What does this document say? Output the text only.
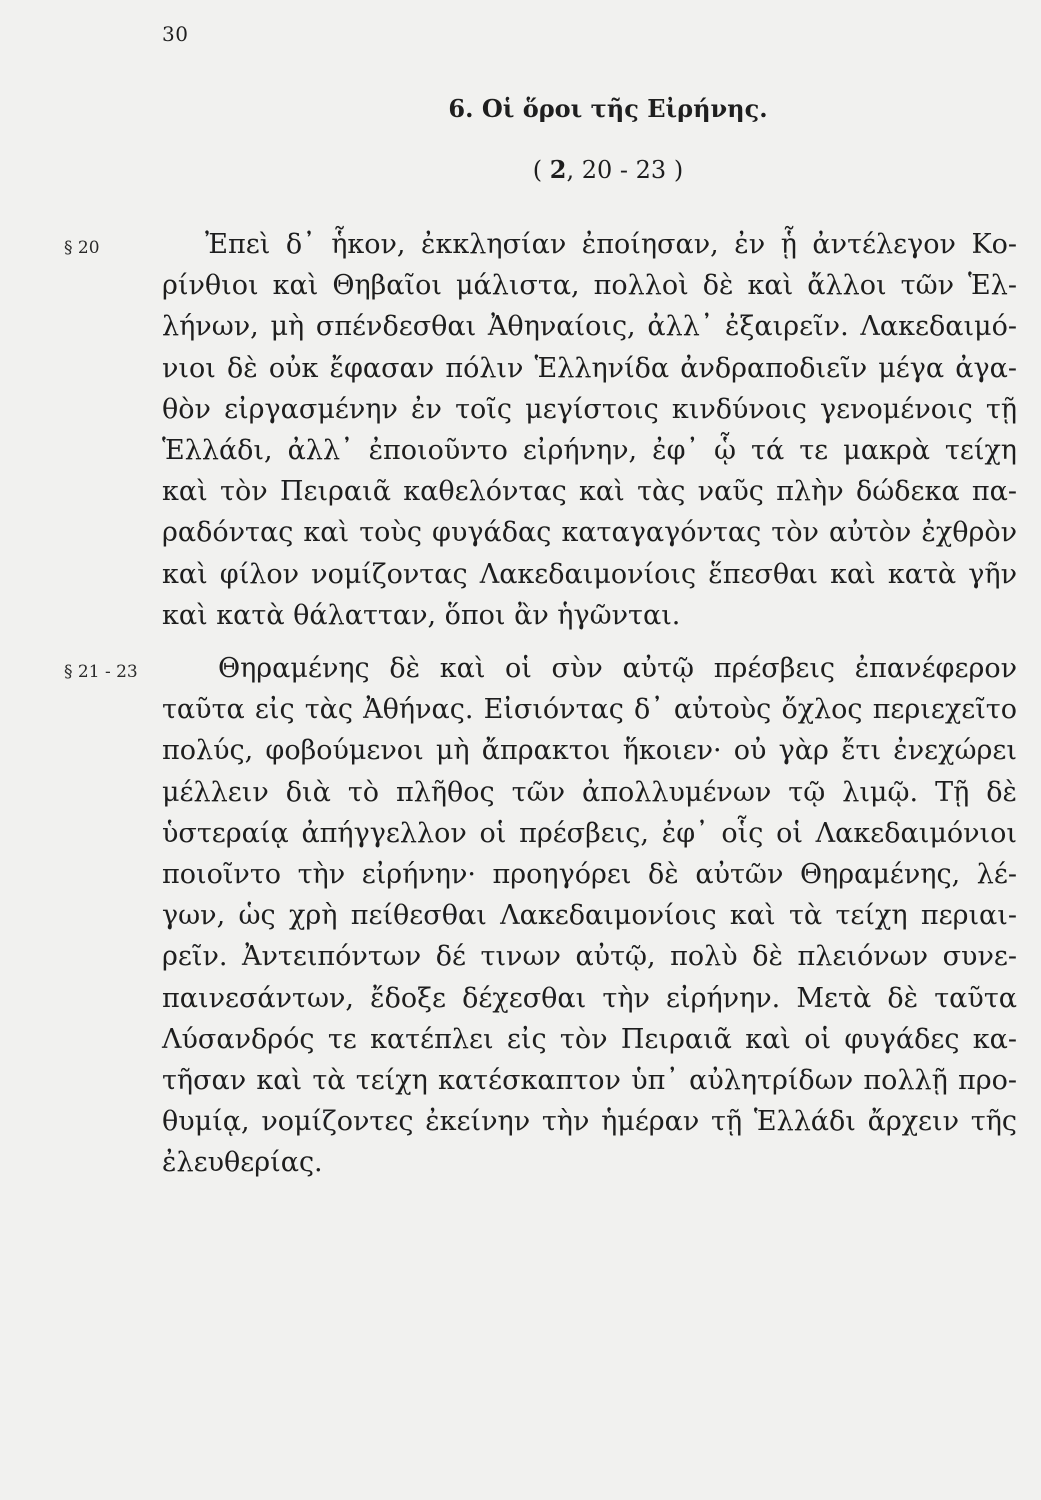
30
6. Οἱ ὅροι τῆς Εἰρήνης.
( 2, 20 - 23 )
§ 20
§ 21 - 23
Ἐπεὶ δ᾽ ἧκον, ἐκκλησίαν ἐποίησαν, ἐν ᾗ ἀντέλεγον Κο-
ρίνθιοι καὶ Θηβαῖοι μάλιστα, πολλοὶ δὲ καὶ ἄλλοι τῶν Ἑλ-
λήνων, μὴ σπένδεσθαι Ἀθηναίοις, ἀλλ᾽ ἐξαιρεῖν. Λακεδαιμό-
νιοι δὲ οὐκ ἔφασαν πόλιν Ἑλληνίδα ἀνδραποδιεῖν μέγα ἀγα-
θὸν εἰργασμένην ἐν τοῖς μεγίστοις κινδύνοις γενομένοις τῇ
Ἑλλάδι, ἀλλ᾽ ἐποιοῦντο εἰρήνην, ἐφ᾽ ᾧ τά τε μακρὰ τείχη
καὶ τὸν Πειραιᾶ καθελόντας καὶ τὰς ναῦς πλὴν δώδεκα πα-
ραδόντας καὶ τοὺς φυγάδας καταγαγόντας τὸν αὐτὸν ἐχθρὸν
καὶ φίλον νομίζοντας Λακεδαιμονίοις ἕπεσθαι καὶ κατὰ γῆν
καὶ κατὰ θάλατταν, ὅποι ἂν ἡγῶνται.
Θηραμένης δὲ καὶ οἱ σὺν αὐτῷ πρέσβεις ἐπανέφερον
ταῦτα εἰς τὰς Ἀθήνας. Εἰσιόντας δ᾽ αὐτοὺς ὄχλος περιεχεῖτο
πολύς, φοβούμενοι μὴ ἄπρακτοι ἥκοιεν· οὐ γὰρ ἔτι ἐνεχώρει
μέλλειν διὰ τὸ πλῆθος τῶν ἀπολλυμένων τῷ λιμῷ. Τῇ δὲ
ὑστεραίᾳ ἀπήγγελλον οἱ πρέσβεις, ἐφ᾽ οἷς οἱ Λακεδαιμόνιοι
ποιοῖντο τὴν εἰρήνην· προηγόρει δὲ αὐτῶν Θηραμένης, λέ-
γων, ὡς χρὴ πείθεσθαι Λακεδαιμονίοις καὶ τὰ τείχη περιαι-
ρεῖν. Ἀντειπόντων δέ τινων αὐτῷ, πολὺ δὲ πλειόνων συνε-
παινεσάντων, ἔδοξε δέχεσθαι τὴν εἰρήνην. Μετὰ δὲ ταῦτα
Λύσανδρός τε κατέπλει εἰς τὸν Πειραιᾶ καὶ οἱ φυγάδες κα-
τῆσαν καὶ τὰ τείχη κατέσκαπτον ὑπ᾽ αὐλητρίδων πολλῇ προ-
θυμίᾳ, νομίζοντες ἐκείνην τὴν ἡμέραν τῇ Ἑλλάδι ἄρχειν τῆς
ἐλευθερίας.
